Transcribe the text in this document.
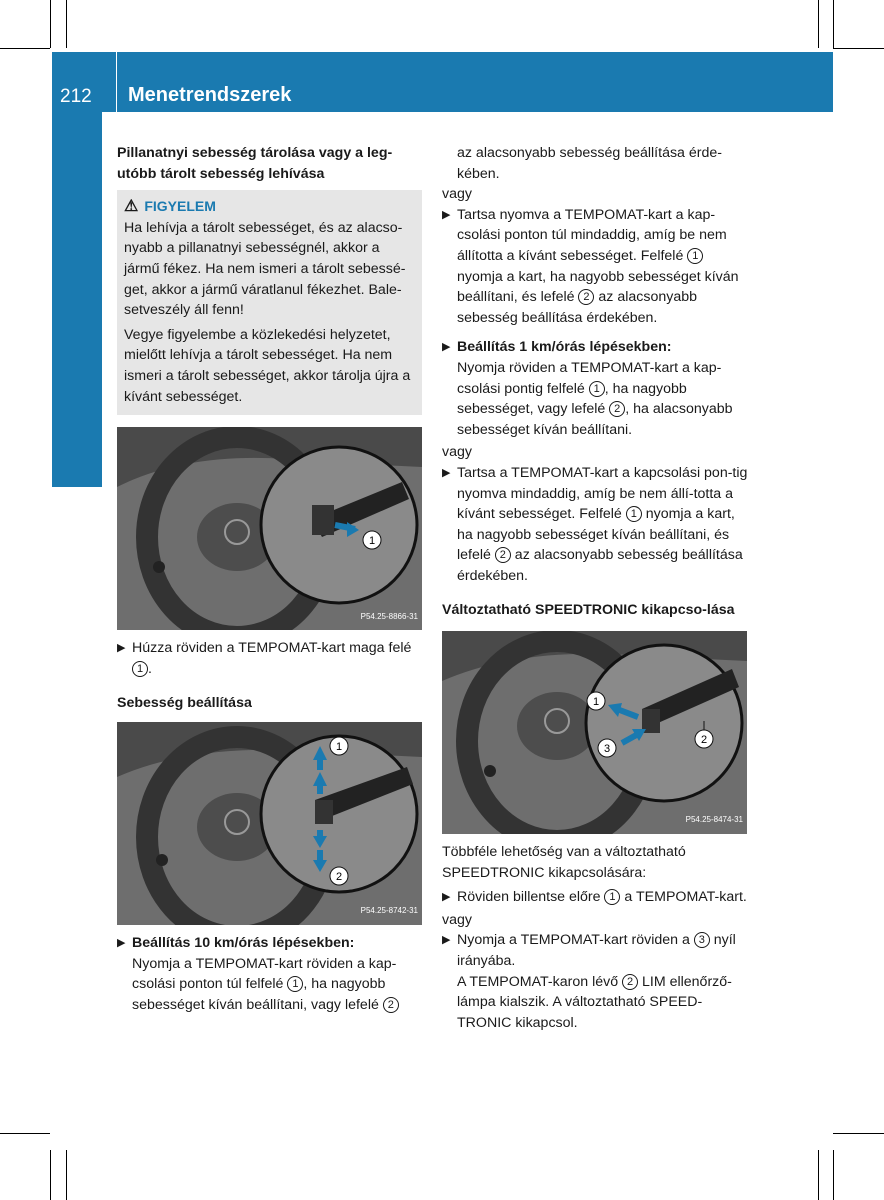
212	Menetrendszerek
Pillanatnyi sebesség tárolása vagy a leg-utóbb tárolt sebesség lehívása
⚠ FIGYELEM

Ha lehívja a tárolt sebességet, és az alacso-nyabb a pillanatnyi sebességnél, akkor a jármű fékez. Ha nem ismeri a tárolt sebessé-get, akkor a jármű váratlanul fékezhet. Bale-setveszély áll fenn!

Vegye figyelembe a közlekedési helyzetet, mielőtt lehívja a tárolt sebességet. Ha nem ismeri a tárolt sebességet, akkor tárolja újra a kívánt sebességet.

1
P54.25-8866-31
▶ Húzza röviden a TEMPOMAT-kart maga felé 1 .
Sebesség beállítása
1
2
P54.25-8742-31
▶ Beállítás 10 km/órás lépésekben:
Nyomja a TEMPOMAT-kart röviden a kap-csolási ponton túl felfelé 1 , ha nagyobb sebességet kíván beállítani, vagy lefelé 2
az alacsonyabb sebesség beállítása érde-kében.
vagy
▶ Tartsa nyomva a TEMPOMAT-kart a kap-csolási ponton túl mindaddig, amíg be nem állította a kívánt sebességet. Felfelé 1 nyomja a kart, ha nagyobb sebességet kíván beállítani, és lefelé 2 az alacsonyabb sebesség beállítása érdekében.
▶ Beállítás 1 km/órás lépésekben:
Nyomja röviden a TEMPOMAT-kart a kap-csolási pontig felfelé 1 , ha nagyobb sebességet, vagy lefelé 2 , ha alacsonyabb sebességet kíván beállítani.
vagy
▶ Tartsa a TEMPOMAT-kart a kapcsolási pon-tig nyomva mindaddig, amíg be nem állí-totta a kívánt sebességet. Felfelé 1 nyomja a kart, ha nagyobb sebességet kíván beállítani, és lefelé 2 az alacsonyabb sebesség beállítása érdekében.
Változtatható SPEEDTRONIC kikapcso-lása
1
3
2
P54.25-8474-31

Többféle lehetőség van a változtatható SPEEDTRONIC kikapcsolására:

▶ Röviden billentse előre 1 a TEMPOMAT-kart.
vagy
▶ Nyomja a TEMPOMAT-kart röviden a 3 nyíl irányába.
A TEMPOMAT-karon lévő 2 LIM ellenőrző-lámpa kialszik. A változtatható SPEED-TRONIC kikapcsol.
